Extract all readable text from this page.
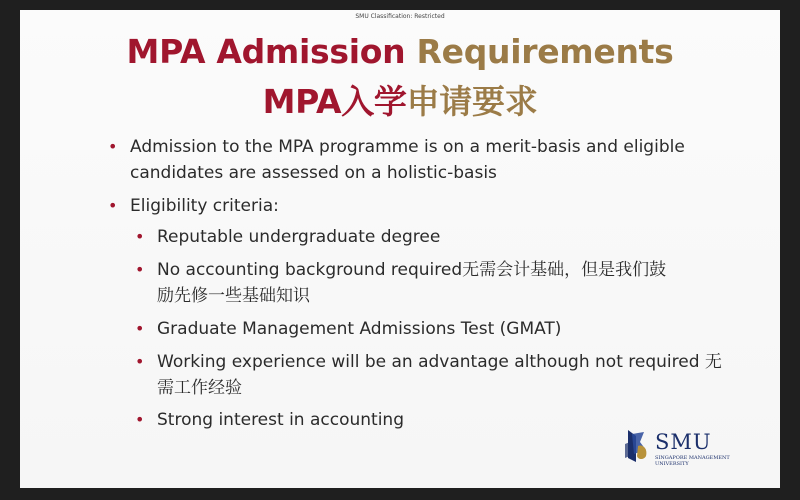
SMU Classification: Restricted
MPA Admission Requirements
MPA入学申请要求
• Admission to the MPA programme is on a merit-basis and eligible
candidates are assessed on a holistic-basis
• Eligibility criteria:
• Reputable undergraduate degree
• No accounting background required无需会计基础，但是我们鼓
励先修一些基础知识
• Graduate Management Admissions Test (GMAT)
• Working experience will be an advantage although not required 无
需工作经验
• Strong interest in accounting
SMU
SINGAPORE MANAGEMENT
UNIVERSITY
